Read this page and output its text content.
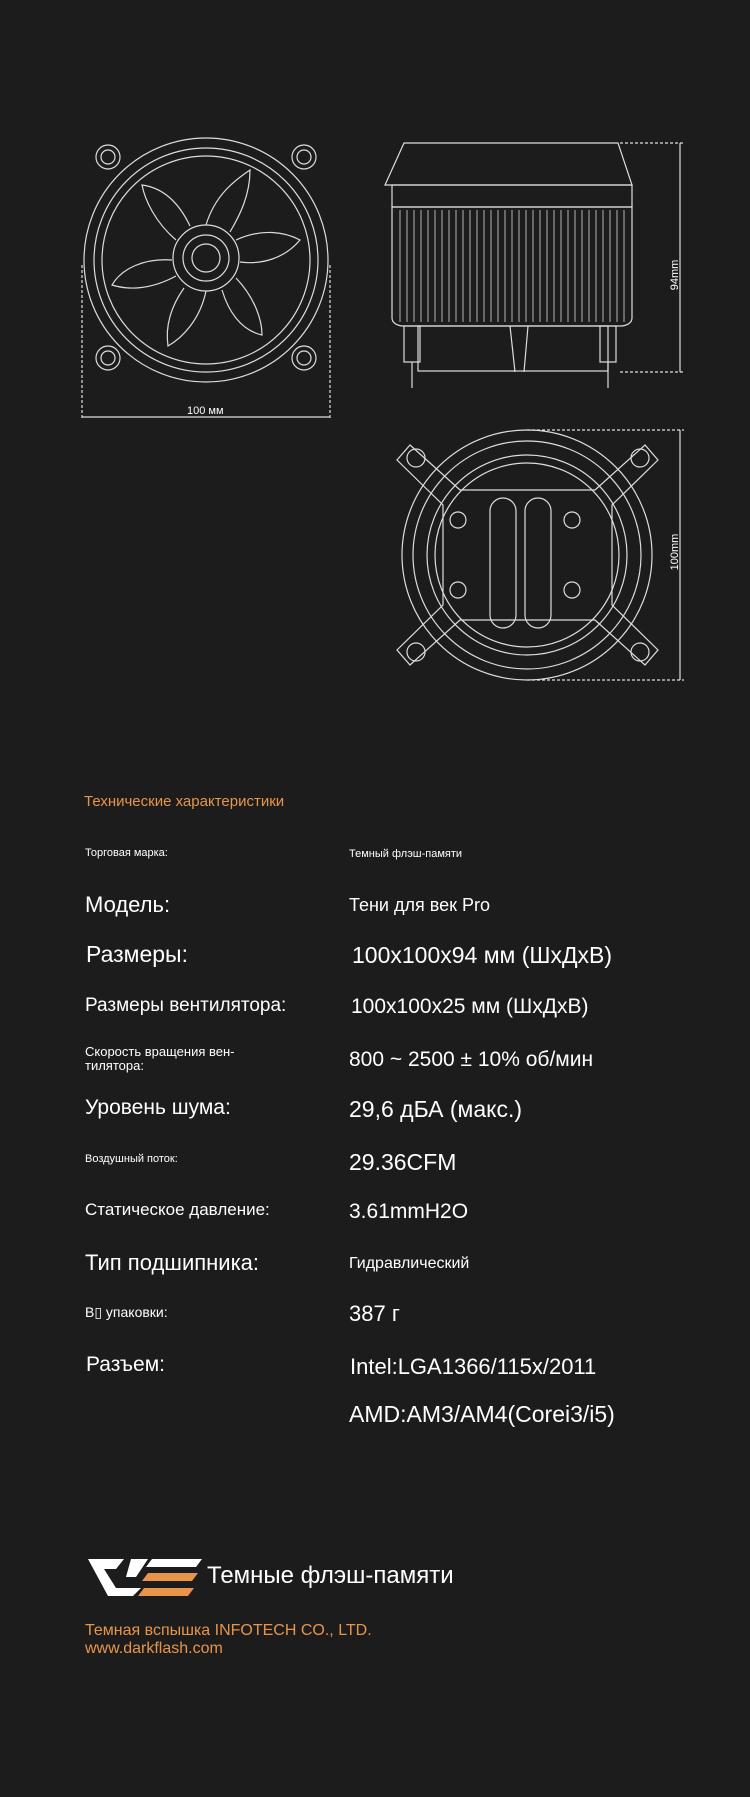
100 мм
94mm
100mm
Технические характеристики
Торговая марка:	Темный флэш-памяти
Модель:	Тени для век Pro
Размеры:	100x100x94 мм (ШхДхВ)
Размеры вентилятора:	100x100x25 мм (ШхДхВ)
Скорость вращения вен-тилятора:	800 ~ 2500 ± 10% об/мин
Уровень шума:	29,6 дБА (макс.)
Воздушный поток:	29.36CFM
Статическое давление:	3.61mmH2O
Тип подшипника:	Гидравлический
В▯ упаковки:	387 г
Разъем:	Intel:LGA1366/115x/2011
AMD:AM3/AM4(Corei3/i5)
Темные флэш-памяти
Темная вспышка INFOTECH CO., LTD. www.darkflash.com
